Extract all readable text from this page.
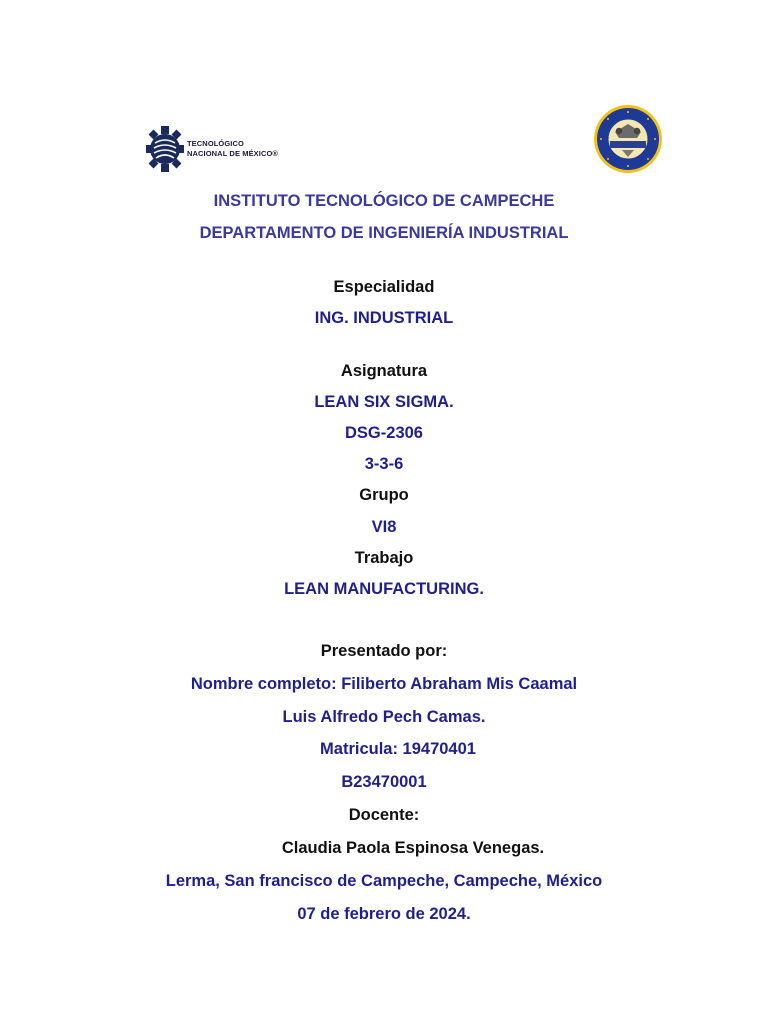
TECNOLÓGICO
NACIONAL DE MÉXICO®
INSTITUTO TECNOLÓGICO DE CAMPECHE
DEPARTAMENTO DE INGENIERÍA INDUSTRIAL
Especialidad
ING. INDUSTRIAL
Asignatura
LEAN SIX SIGMA.
DSG-2306
3-3-6
Grupo
VI8
Trabajo
LEAN MANUFACTURING.
Presentado por:
Nombre completo: Filiberto Abraham Mis Caamal
Luis Alfredo Pech Camas.
Matricula: 19470401
B23470001
Docente:
Claudia Paola Espinosa Venegas.
Lerma, San francisco de Campeche, Campeche, México
07 de febrero de 2024.
